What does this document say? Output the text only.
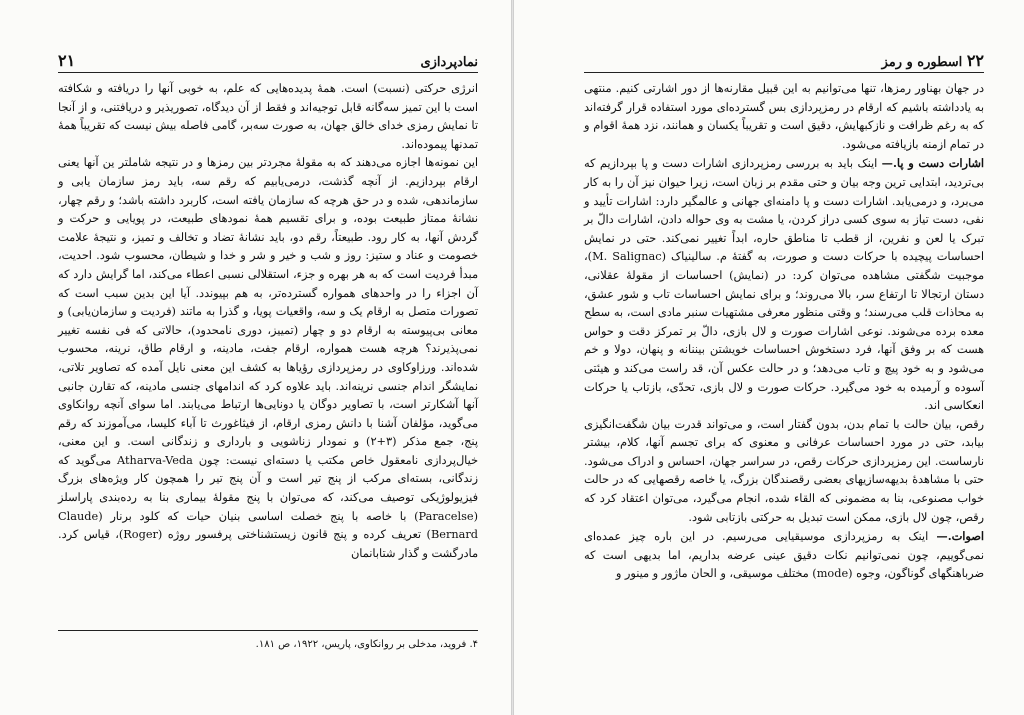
نمادپردازی
۲۱

انرژی حرکتی (نسبت) است. همهٔ پدیده‌هایی که علم، به خوبی آنها را دریافته و شکافته است با این تمیز سه‌گانه قابل توجیه‌اند و فقط از آن دیدگاه، تصوریذیر و دریافتنی، و از آنجا تا نمایش رمزی خدای خالق جهان، به صورت سه‌بر، گامی فاصله بیش نیست که تقریباً همهٔ تمدنها پیموده‌اند.

این نمونه‌ها اجازه می‌دهند که به مقولهٔ مجردتر بین رمزها و در نتیجه شاملتر ین آنها یعنی ارقام بپردازیم. از آنچه گذشت، درمی‌یابیم که رقم سه، باید رمز سازمان یابی و سازماندهی، شده و در حق هرچه که سازمان یافته است، کاربرد داشته باشد؛ و رقم چهار، نشانهٔ ممتاز طبیعت بوده، و برای تقسیم همهٔ نمودهای طبیعت، در پویایی و حرکت و گردش آنها، به کار رود. طبیعتاً، رقم دو، باید نشانهٔ تضاد و تخالف و تمیز، و نتیجهٔ علامت خصومت و عناد و ستیز: روز و شب و خیر و شر و خدا و شیطان، محسوب شود. احدیت، مبدأ فردیت است که به هر بهره و جزء، استقلالی نسبی اعطاء می‌کند، اما گرایش دارد که آن اجزاء را در واحدهای همواره گسترده‌تر، به هم بپیوندد. آیا این بدین سبب است که تصورات متصل به ارقام یک و سه، واقعیات پویا، و گذرا به ماتند (فردیت و سازمان‌یابی) و معانی بی‌پیوسته به ارقام دو و چهار (تمییز، دوری نامحدود)، حالاتی که فی نفسه تغییر نمی‌پذیرند؟ هرچه هست همواره، ارقام جفت، مادینه، و ارقام طاق، نرینه، محسوب شده‌اند. ورزاوکاوی در رمزپردازی رؤیاها به کشف این معنی نایل آمده که تصاویر تلاتی، نمایشگر اندام جنسی نرینه‌اند. باید علاوه کرد که اندامهای جنسی مادینه، که تقارن جانبی آنها آشکارتر است، با تصاویر دوگان یا دونایی‌ها ارتباط می‌یابند. اما سوای آنچه روانکاوی می‌گوید، مؤلفان آشنا با دانش رمزی ارقام، از فیثاغورث تا آباء کلیسا، می‌آموزند که رقم پنج، جمع مذکر (۳+۲) و نمودار زناشویی و بارداری و زندگانی است. و این معنی، خیال‌پردازی نامعقول خاص مکتب یا دسته‌ای نیست: چون Atharva-Veda می‌گوید که زندگانی، بسته‌ای مرکب از پنج تیر است و آن پنج تیر را همچون کار ویژه‌های بزرگ فیزیولوژیکی توصیف می‌کند، که می‌توان با پنج مقولهٔ بیماری بنا به رده‌بندی پاراسلز (Paracelse) با خاصه با پنج خصلت اساسی بنیان حیات که کلود برنار (Claude Bernard) تعریف کرده و پنج قانون زیستشناختی پرفسور روژه (Roger)، قیاس کرد. مادرگشت و گذار شتابانمان

۴. فروید، مدخلی بر روانکاوی، پاریس، ۱۹۲۲، ص ۱۸۱.
۲۲ اسطوره و رمز

در جهان بهناور رمزها، تنها می‌توانیم به این قبیل مقارنه‌ها از دور اشارتی کنیم. منتهی به یادداشته باشیم که ارقام در رمزپردازی بس گسترده‌ای مورد استفاده قرار گرفته‌اند که به رغم ظرافت و نازکبهایش، دقیق است و تقریباً یکسان و همانند، نزد همهٔ اقوام و در تمام ازمنه بازیافته می‌شود.

اشارات دست و پا.— اینک باید به بررسی رمزپردازی اشارات دست و پا بپردازیم که بی‌تردید، ابتدایی ترین وجه بیان و حتی مقدم بر زبان است، زیرا حیوان نیز آن را به کار می‌برد، و درمی‌یابد. اشارات دست و پا دامنه‌ای جهانی و عالمگیر دارد: اشارات تأیید و نفی، دست تیاز به سوی کسی دراز کردن، یا مشت به وی حواله دادن، اشارات دالّ بر تبرک یا لعن و نفرین، از قطب تا مناطق حاره، ابداً تغییر نمی‌کند. حتی در نمایش احساسات پیچیده با حرکات دست و صورت، به گفتهٔ م. سالینیاک (M. Salignac)، موجبیت شگفتی مشاهده می‌توان کرد: در (نمایش) احساسات از مقولهٔ عقلانی، دستان ارتجالا تا ارتفاع سر، بالا می‌روند؛ و برای نمایش احساسات تاب و شور عشق، به محاذات قلب می‌رسند؛ و وقتی منظور معرفی مشتهیات سنبر مادی است، به سطح معده برده می‌شوند. نوعی اشارات صورت و لال بازی، دالّ بر تمرکز دقت و حواس هست که بر وفق آنها، فرد دستخوش احساسات خویشتن بیننانه و پنهان، دولا و خم می‌شود و به خود پیچ و تاب می‌دهد؛ و در حالت عکس آن، قد راست می‌کند و هیئتی آسوده و آرمیده به خود می‌گیرد. حرکات صورت و لال بازی، تحدّی، بازتاب یا حرکات انعکاسی اند.

رقص، بیان حالت با تمام بدن، بدون گفتار است، و می‌تواند قدرت بیان شگفت‌انگیزی بیابد، حتی در مورد احساسات عرفانی و معنوی که برای تجسم آنها، کلام، بیشتر نارساست. این رمزپردازی حرکات رقص، در سراسر جهان، احساس و ادراک می‌شود. حتی با مشاهدهٔ بدیهه‌سازیهای بعضی رقصندگان بزرگ، یا خاصه رقصهایی که در حالت خواب مصنوعی، بنا به مضمونی که القاء شده، انجام می‌گیرد، می‌توان اعتقاد کرد که رقص، چون لال بازی، ممکن است تبدیل به حرکتی بازتابی شود.

اصوات.— اینک به رمزپردازی موسیقیایی می‌رسیم. در این باره چیز عمده‌ای نمی‌گوییم، چون نمی‌توانیم نکات دقیق عینی عرضه بداریم، اما بدیهی است که ضرباهنگهای گوناگون، وجوه (mode) مختلف موسیقی، و الحان ماژور و مینور و
